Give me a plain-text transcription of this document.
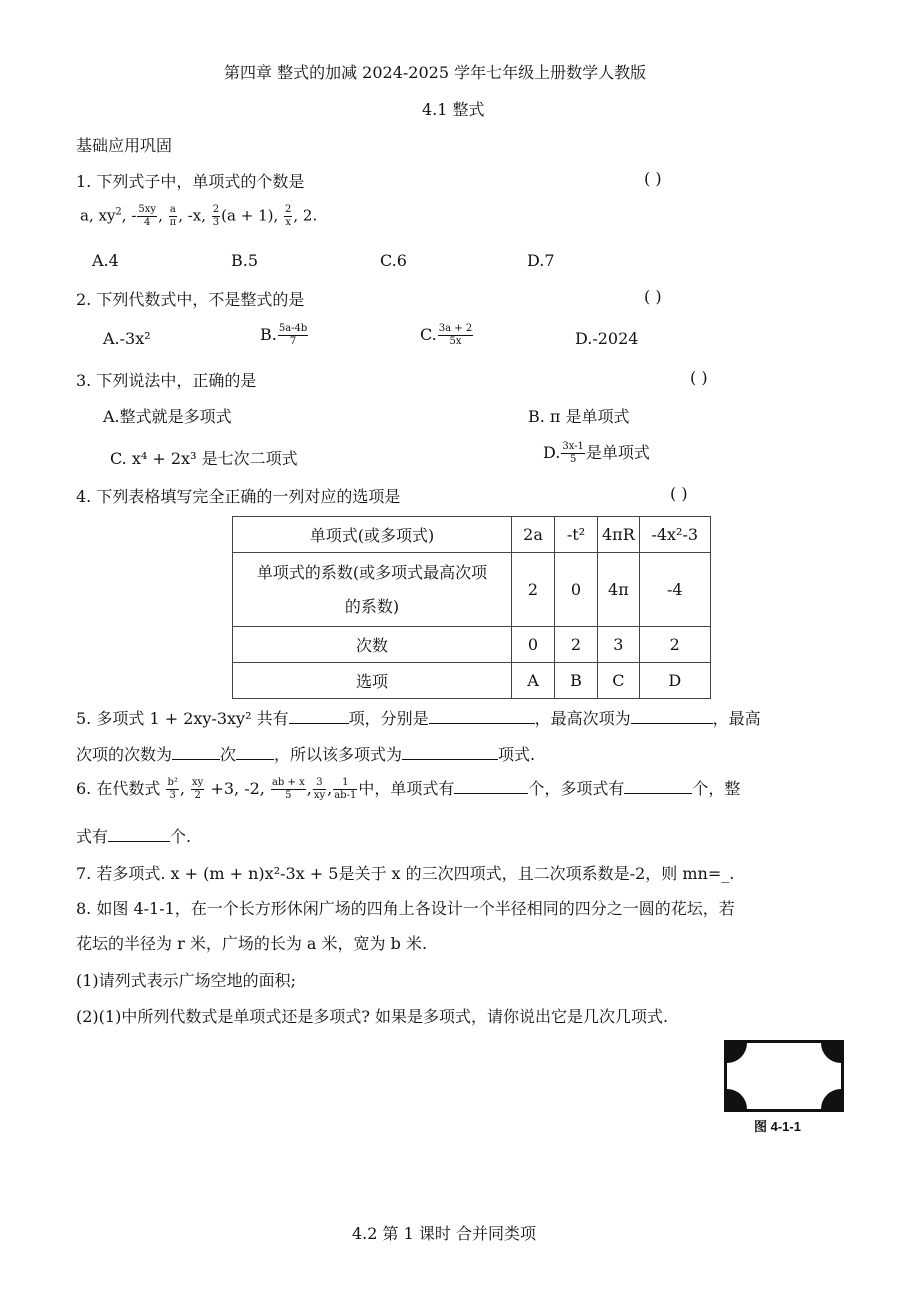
第四章 整式的加减 2024-2025 学年七年级上册数学人教版
4.1 整式
基础应用巩固
1. 下列式子中，单项式的个数是	( )
a, $xy^2$, - $\frac{5xy}{4}$ , $\frac{a}{\pi}$ , -x, $\frac{2}{3} (a + 1)$, $\frac{2}{x}$ , 2.
A.4	B.5	C.6	D.7
2. 下列代数式中，不是整式的是	( )
A.-3x²	B. $\frac{5a-4b}{7}$	C. $\frac{3a + 2}{5x}$	D.-2024
3. 下列说法中，正确的是	( )
A.整式就是多项式	B. π 是单项式
C. x⁴ + 2x³ 是七次二项式	D. $\frac{3x-1}{5}$ 是单项式
4. 下列表格填写完全正确的一列对应的选项是	( )
单项式(或多项式)	2a	-t²	4πR	-4x²-3
单项式的系数(或多项式最高次项
的系数)	2	0	4π	-4
次数	0	2	3	2
选项	A	B	C	D
5. 多项式 1 + 2xy-3xy² 共有	项，分别是	，最高次项为	，最高
次项的次数为	次 ，所以该多项式为	项式.
6. 在代数式 $\frac{\text{b²}}{3}$ , $\frac{xy}{2} +3$, -2, $\frac{ab + x}{5}$ , $\frac{3}{xy}$ , $\frac{1}{ab-1}$ 中，单项式有	个，多项式有	个，整
式有	个.
7. 若多项式. x + (m + n)x²-3x + 5是关于 x 的三次四项式，且二次项系数是-2，则 mn=_.
8. 如图 4-1-1，在一个长方形休闲广场的四角上各设计一个半径相同的四分之一圆的花坛，若
花坛的半径为 r 米，广场的长为 a 米，宽为 b 米.
(1)请列式表示广场空地的面积;
(2)(1)中所列代数式是单项式还是多项式? 如果是多项式，请你说出它是几次几项式.
图 4-1-1
4.2 第 1 课时 合并同类项
